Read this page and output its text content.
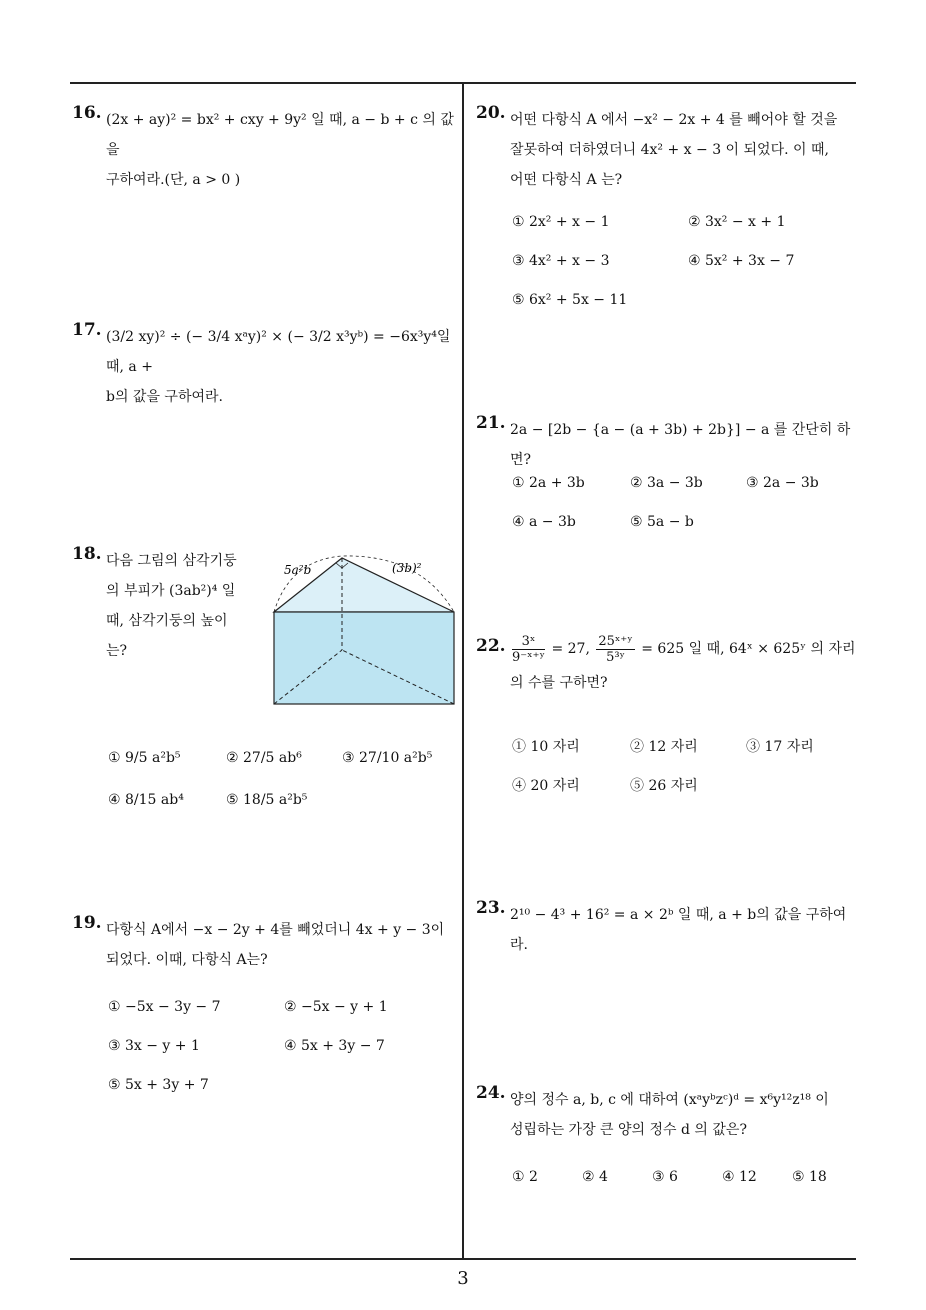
16. (2x + ay)² = bx² + cxy + 9y² 일 때, a − b + c 의 값을
구하여라.(단, a > 0 )
17. (3/2 xy)² ÷ (− 3/4 xᵃy)² × (− 3/2 x³yᵇ) = −6x³y⁴일 때, a +
b의 값을 구하여라.
18. 다음 그림의 삼각기둥
의 부피가 (3ab²)⁴ 일
때, 삼각기둥의 높이
는?
5a²b	(3b)²
① 9/5 a²b⁵	② 27/5 ab⁶	③ 27/10 a²b⁵
④ 8/15 ab⁴	⑤ 18/5 a²b⁵
19. 다항식 A에서 −x − 2y + 4를 빼었더니 4x + y − 3이
되었다. 이때, 다항식 A는?
① −5x − 3y − 7	② −5x − y + 1
③ 3x − y + 1	④ 5x + 3y − 7
⑤ 5x + 3y + 7
20. 어떤 다항식 A 에서 −x² − 2x + 4 를 빼어야 할 것을
잘못하여 더하였더니 4x² + x − 3 이 되었다. 이 때,
어떤 다항식 A 는?
① 2x² + x − 1	② 3x² − x + 1
③ 4x² + x − 3	④ 5x² + 3x − 7
⑤ 6x² + 5x − 11
21. 2a − [2b − {a − (a + 3b) + 2b}] − a 를 간단히 하면?
① 2a + 3b	② 3a − 3b	③ 2a − 3b
④ a − 3b	⑤ 5a − b
22. $\frac{\text{3ˣ}}{\text{9⁻ˣ⁺ʸ}} = 27$, $\frac{\text{25ˣ⁺ʸ}}{\text{5³ʸ}} = 625$ 일 때, 64ˣ × 625ʸ 의 자리
의 수를 구하면?
① 10 자리	② 12 자리	③ 17 자리
④ 20 자리	⑤ 26 자리
23. 2¹⁰ − 4³ + 16² = a × 2ᵇ 일 때, a + b의 값을 구하여라.
24. 양의 정수 a, b, c 에 대하여 (xᵃyᵇzᶜ)ᵈ = x⁶y¹²z¹⁸ 이
성립하는 가장 큰 양의 정수 d 의 값은?
① 2	② 4	③ 6	④ 12	⑤ 18
3
